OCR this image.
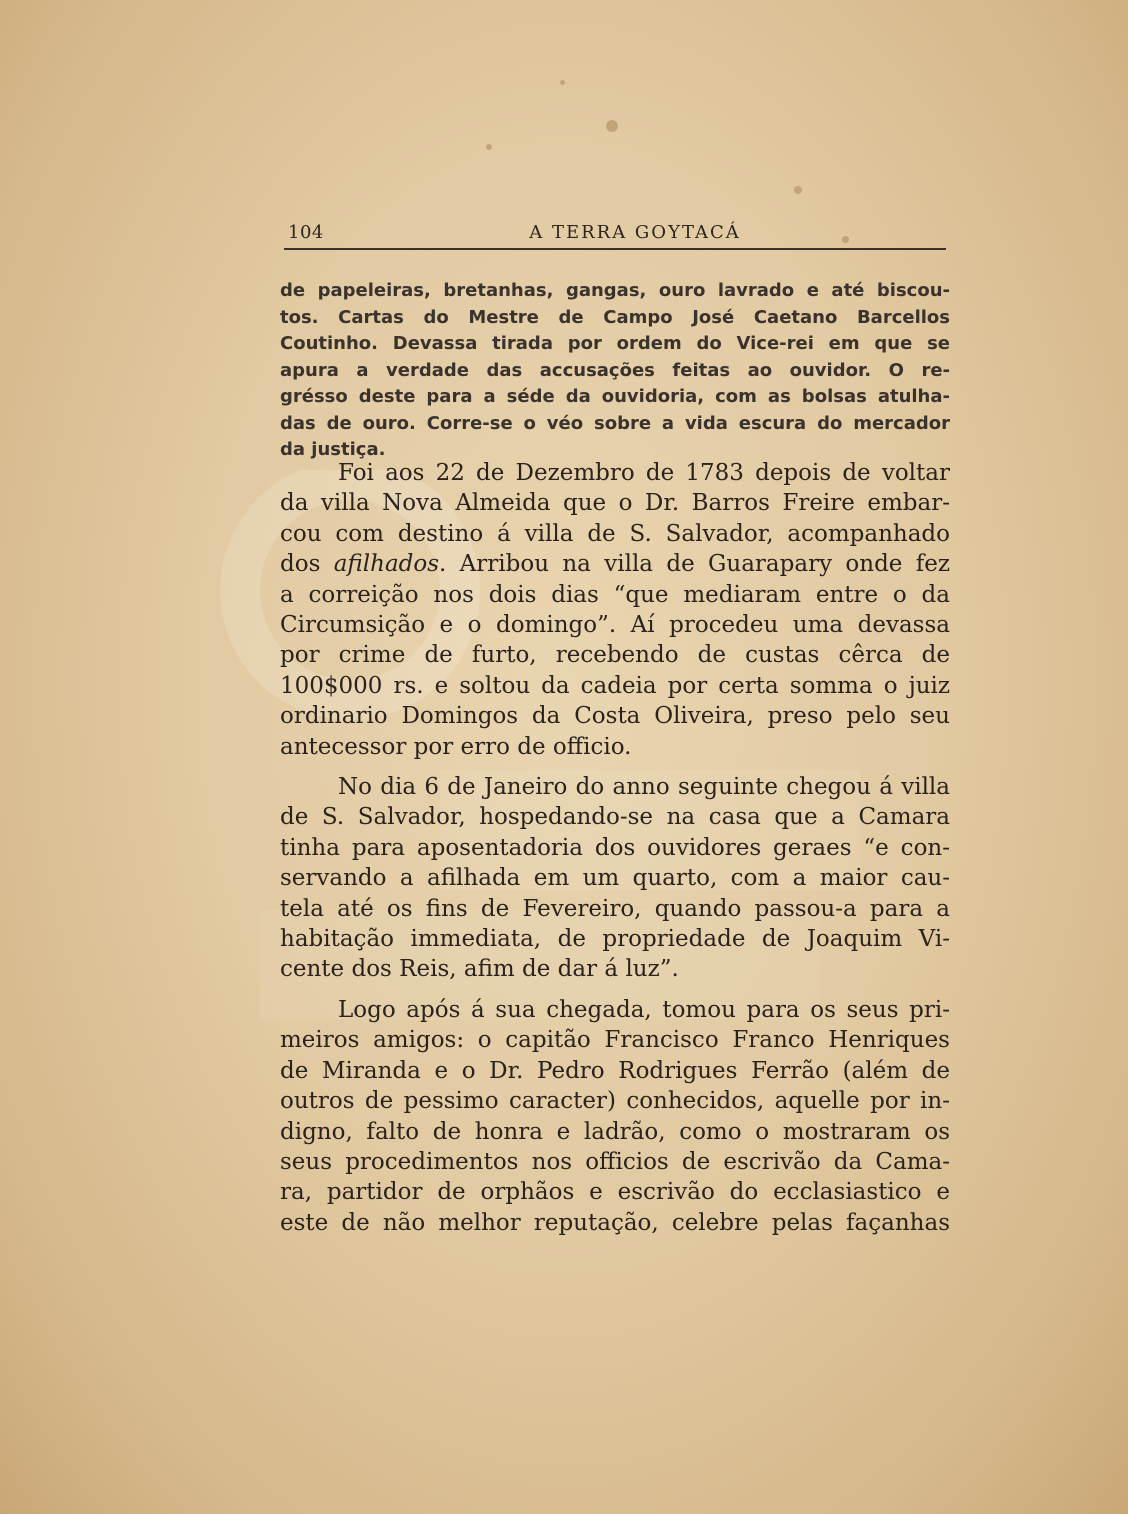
104	A TERRA GOYTACÁ
de papeleiras, bretanhas, gangas, ouro lavrado e até biscou-
tos. Cartas do Mestre de Campo José Caetano Barcellos
Coutinho. Devassa tirada por ordem do Vice-rei em que se
apura a verdade das accusações feitas ao ouvidor. O re-
grésso deste para a séde da ouvidoria, com as bolsas atulha-
das de ouro. Corre-se o véo sobre a vida escura do mercador
da justiça.
Foi aos 22 de Dezembro de 1783 depois de voltar
da villa Nova Almeida que o Dr. Barros Freire embar-
cou com destino á villa de S. Salvador, acompanhado
dos afilhados. Arribou na villa de Guarapary onde fez
a correição nos dois dias “que mediaram entre o da
Circumsição e o domingo”. Aí procedeu uma devassa
por crime de furto, recebendo de custas cêrca de
100$000 rs. e soltou da cadeia por certa somma o juiz
ordinario Domingos da Costa Oliveira, preso pelo seu
antecessor por erro de officio.
No dia 6 de Janeiro do anno seguinte chegou á villa
de S. Salvador, hospedando-se na casa que a Camara
tinha para aposentadoria dos ouvidores geraes “e con-
servando a afilhada em um quarto, com a maior cau-
tela até os fins de Fevereiro, quando passou-a para a
habitação immediata, de propriedade de Joaquim Vi-
cente dos Reis, afim de dar á luz”.
Logo após á sua chegada, tomou para os seus pri-
meiros amigos: o capitão Francisco Franco Henriques
de Miranda e o Dr. Pedro Rodrigues Ferrão (além de
outros de pessimo caracter) conhecidos, aquelle por in-
digno, falto de honra e ladrão, como o mostraram os
seus procedimentos nos officios de escrivão da Cama-
ra, partidor de orphãos e escrivão do ecclasiastico e
este de não melhor reputação, celebre pelas façanhas
